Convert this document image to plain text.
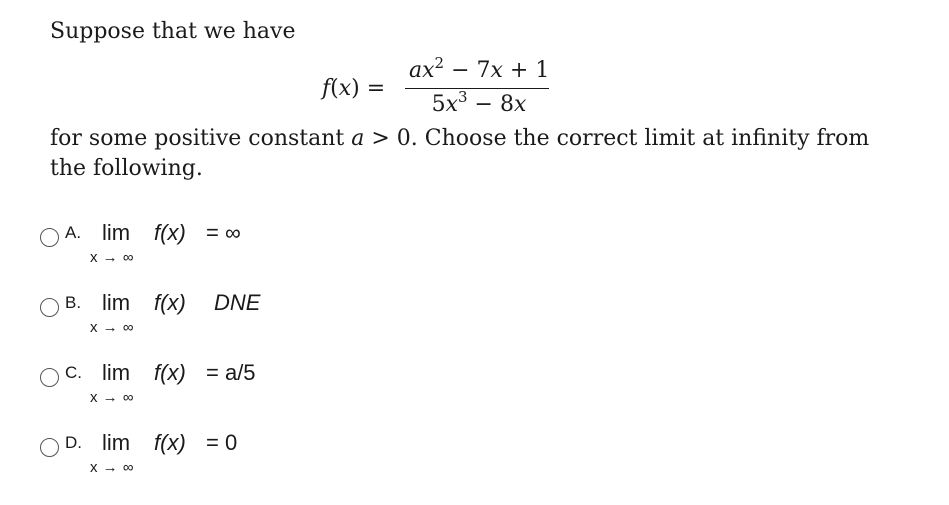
Suppose that we have
f(x) =
$ax^2 - 7x + 1$
$5x^3 - 8x$
for some positive constant a > 0. Choose the correct limit at infinity from the following.
A. lim
x → ∞
f(x) = ∞
B. lim
x → ∞
f(x) DNE
C. lim
x → ∞
f(x) = a/5
D. lim
x → ∞
f(x) = 0
